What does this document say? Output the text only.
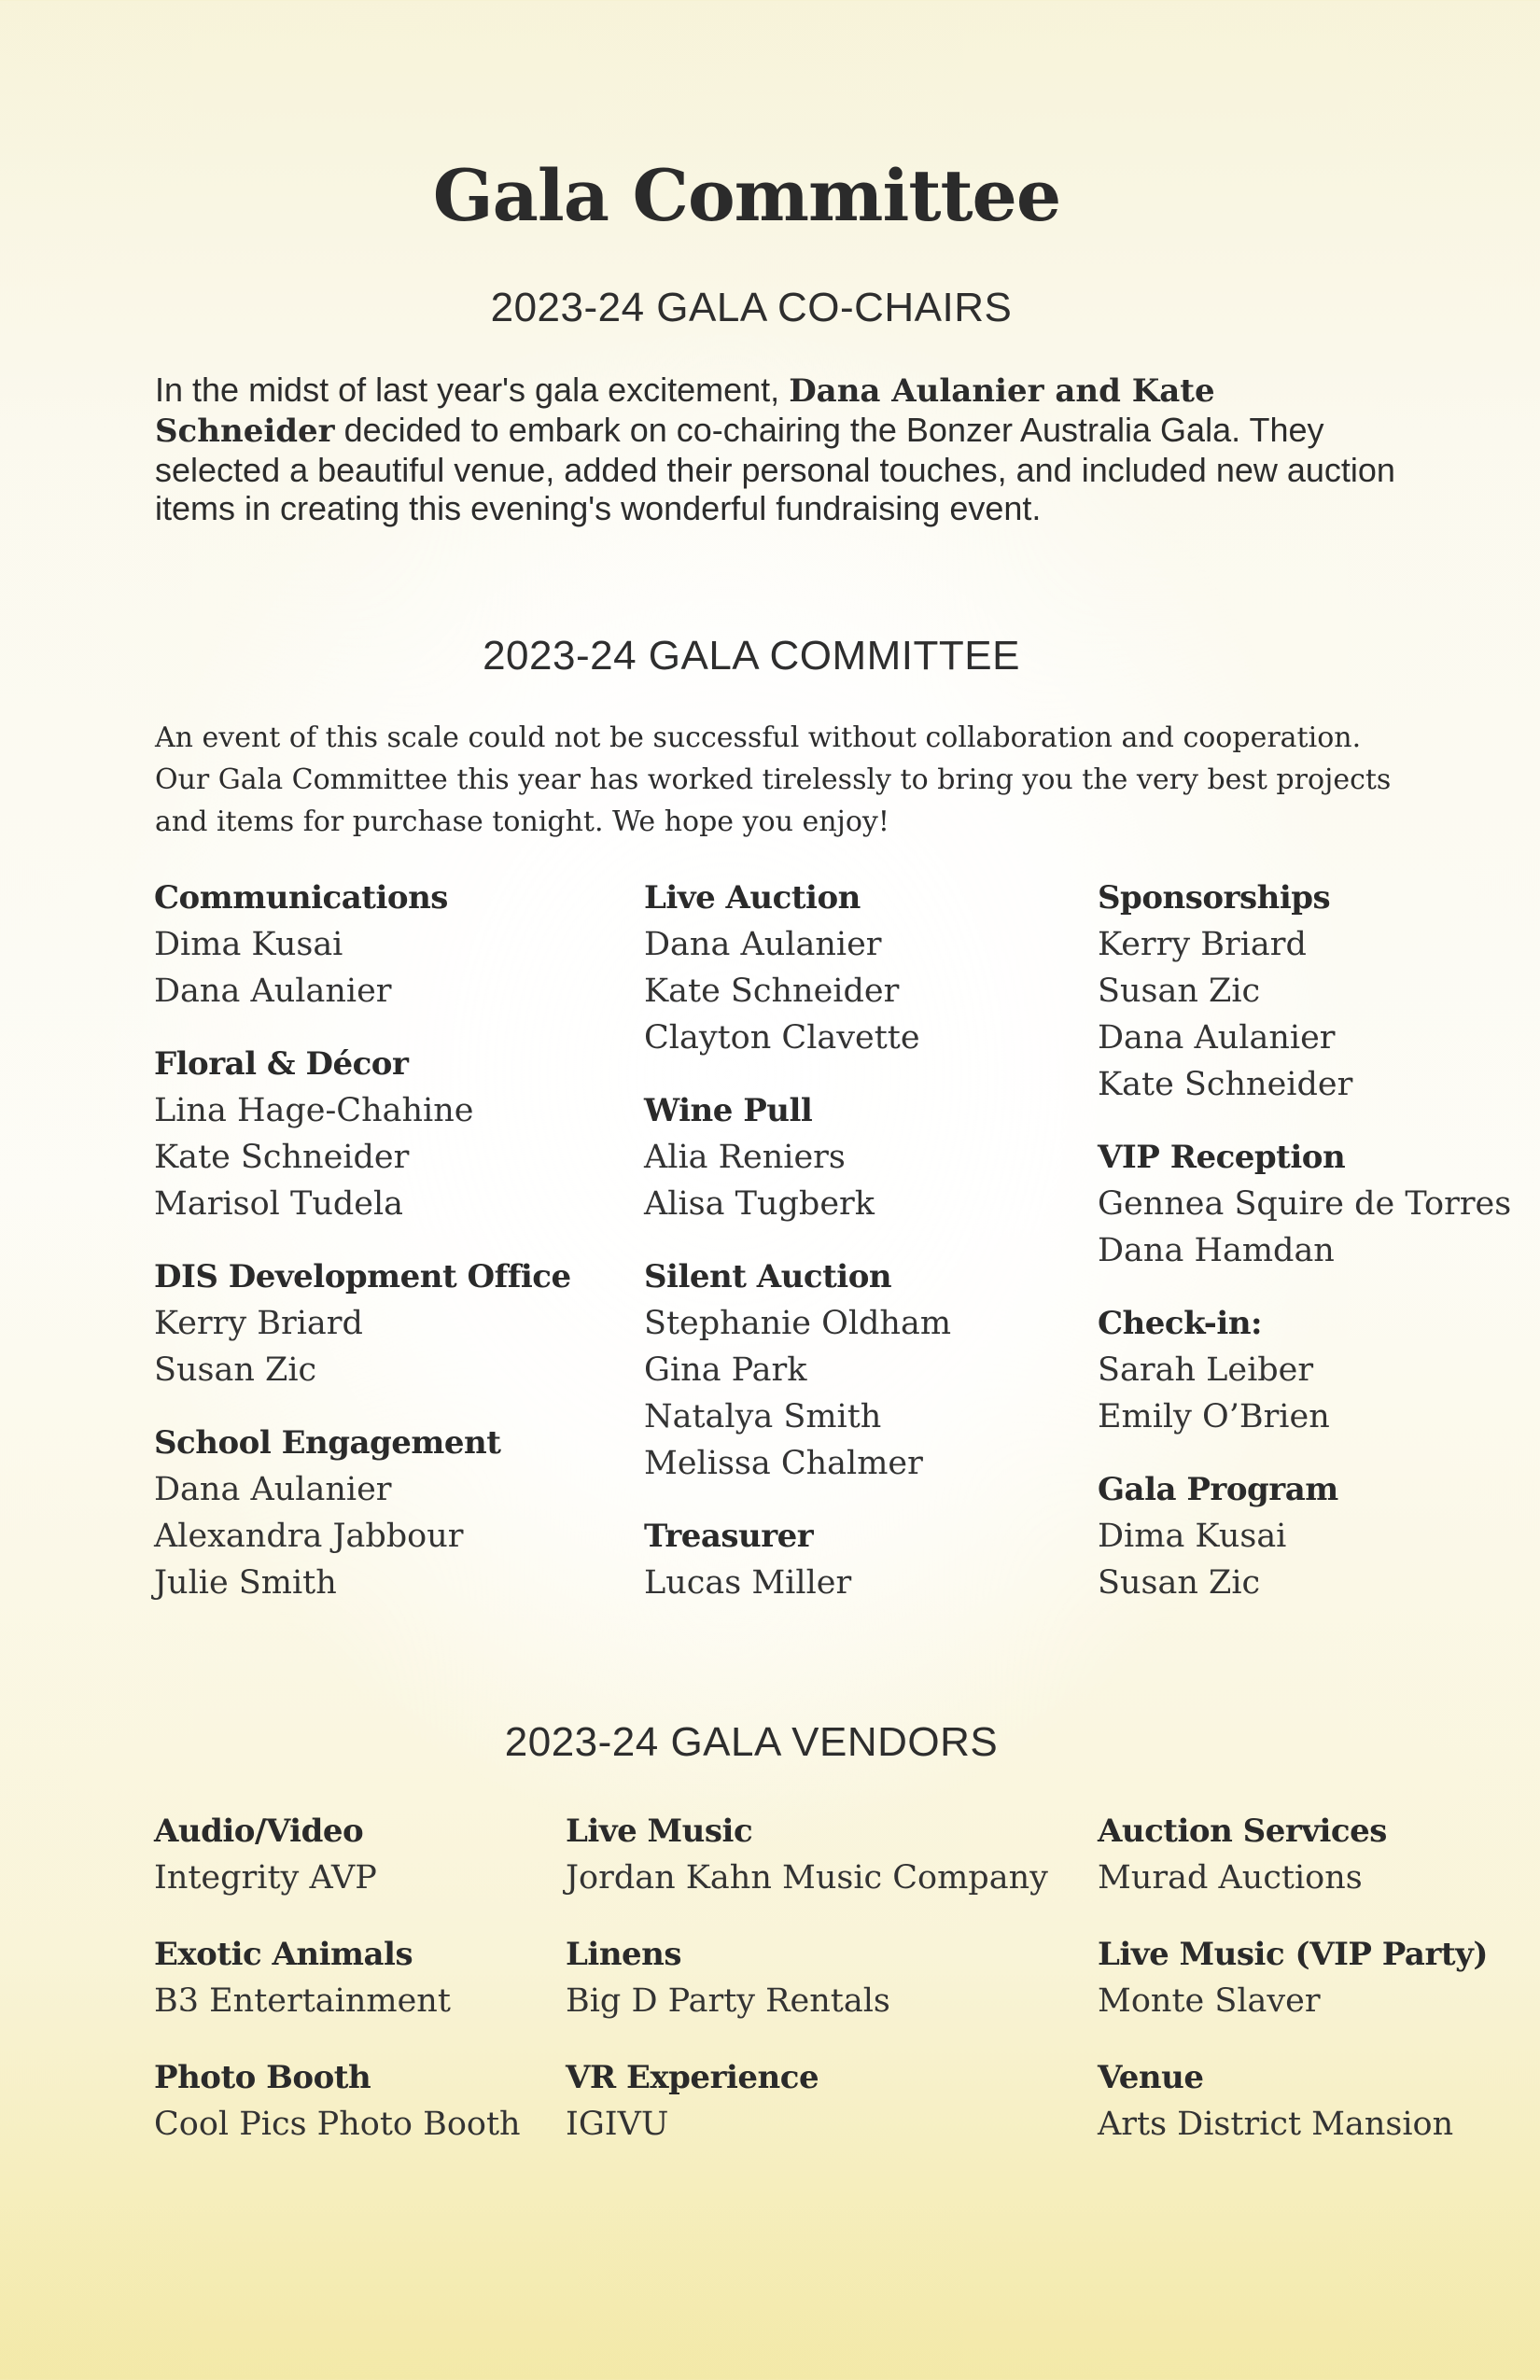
Gala Committee
2023-24 GALA CO-CHAIRS
In the midst of last year's gala excitement, Dana Aulanier and Kate Schneider decided to embark on co-chairing the Bonzer Australia Gala. They selected a beautiful venue, added their personal touches, and included new auction items in creating this evening's wonderful fundraising event.
2023-24 GALA COMMITTEE
An event of this scale could not be successful without collaboration and cooperation. Our Gala Committee this year has worked tirelessly to bring you the very best projects and items for purchase tonight. We hope you enjoy!
Communications
Dima Kusai
Dana Aulanier
Floral & Décor
Lina Hage-Chahine
Kate Schneider
Marisol Tudela
DIS Development Office
Kerry Briard
Susan Zic
School Engagement
Dana Aulanier
Alexandra Jabbour
Julie Smith
Live Auction
Dana Aulanier
Kate Schneider
Clayton Clavette
Wine Pull
Alia Reniers
Alisa Tugberk
Silent Auction
Stephanie Oldham
Gina Park
Natalya Smith
Melissa Chalmer
Treasurer
Lucas Miller
Sponsorships
Kerry Briard
Susan Zic
Dana Aulanier
Kate Schneider
VIP Reception
Gennea Squire de Torres
Dana Hamdan
Check-in:
Sarah Leiber
Emily O’Brien
Gala Program
Dima Kusai
Susan Zic
2023-24 GALA VENDORS
Audio/Video
Integrity AVP
Exotic Animals
B3 Entertainment
Photo Booth
Cool Pics Photo Booth
Live Music
Jordan Kahn Music Company
Linens
Big D Party Rentals
VR Experience
IGIVU
Auction Services
Murad Auctions
Live Music (VIP Party)
Monte Slaver
Venue
Arts District Mansion
